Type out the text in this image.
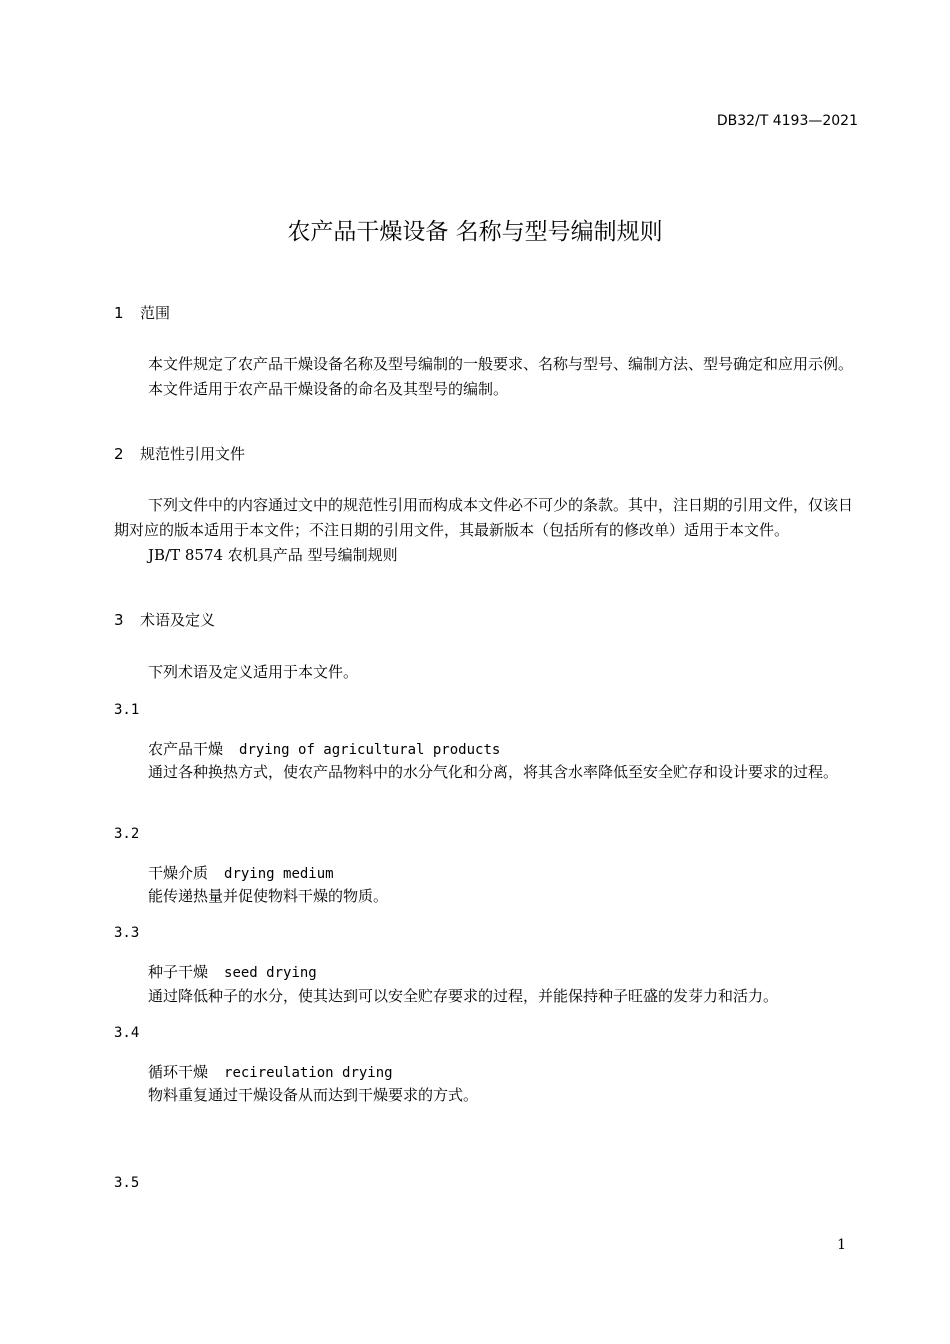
DB32/T 4193—2021
农产品干燥设备 名称与型号编制规则
1 范围

本文件规定了农产品干燥设备名称及型号编制的一般要求、名称与型号、编制方法、型号确定和应用示例。

本文件适用于农产品干燥设备的命名及其型号的编制。

2 规范性引用文件

下列文件中的内容通过文中的规范性引用而构成本文件必不可少的条款。其中，注日期的引用文件，仅该日期对应的版本适用于本文件；不注日期的引用文件，其最新版本（包括所有的修改单）适用于本文件。

JB/T 8574 农机具产品 型号编制规则

3 术语及定义

下列术语及定义适用于本文件。

3.1
农产品干燥 drying of agricultural products

通过各种换热方式，使农产品物料中的水分气化和分离，将其含水率降低至安全贮存和设计要求的过程。

3.2
干燥介质 drying medium

能传递热量并促使物料干燥的物质。

3.3
种子干燥 seed drying

通过降低种子的水分，使其达到可以安全贮存要求的过程，并能保持种子旺盛的发芽力和活力。

3.4
循环干燥 recireulation drying

物料重复通过干燥设备从而达到干燥要求的方式。

3.5
1
